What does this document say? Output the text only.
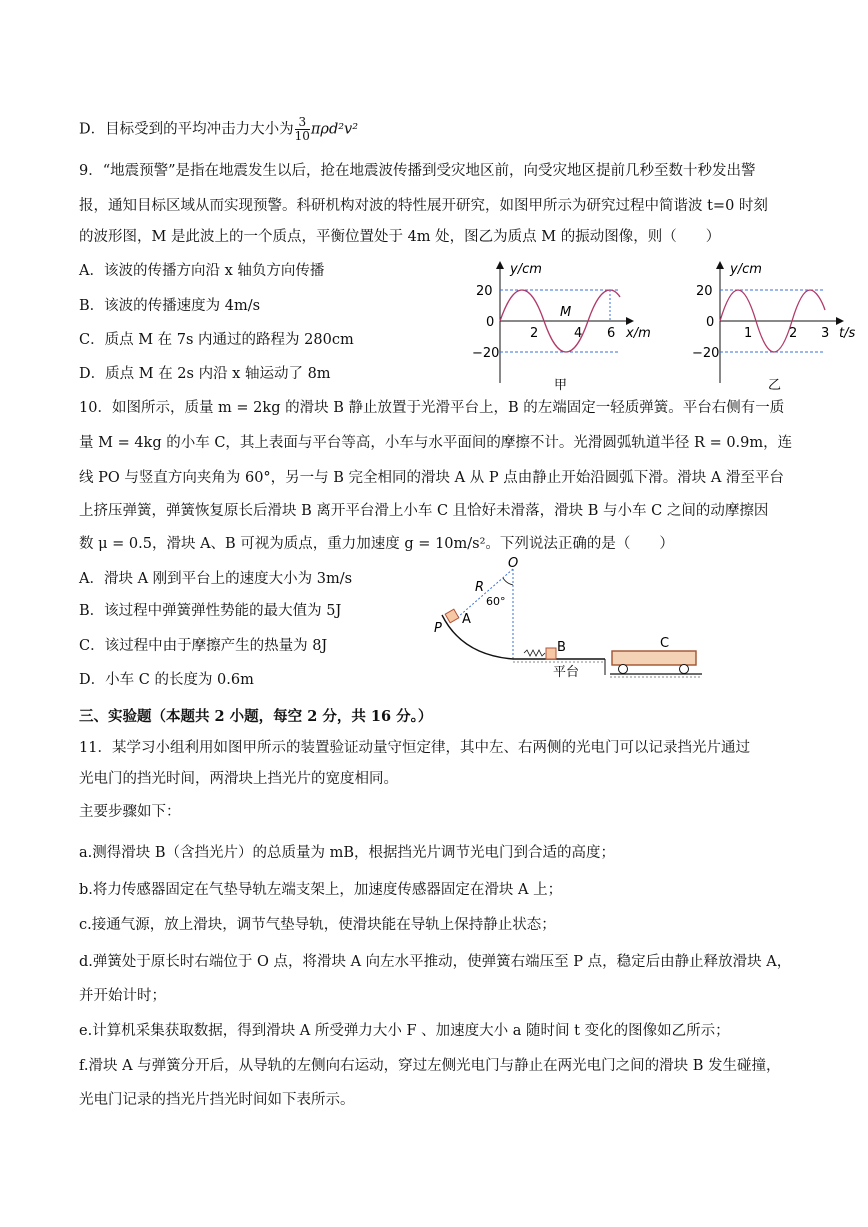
D．目标受到的平均冲击力大小为 $\frac{3}{10} \pi\rho d^2v^2$
9．“地震预警”是指在地震发生以后，抢在地震波传播到受灾地区前，向受灾地区提前几秒至数十秒发出警
报，通知目标区域从而实现预警。科研机构对波的特性展开研究，如图甲所示为研究过程中简谐波 t=0 时刻
的波形图，M 是此波上的一个质点，平衡位置处于 4m 处，图乙为质点 M 的振动图像，则（　　）
A．该波的传播方向沿 x 轴负方向传播
B．该波的传播速度为 4m/s
C．质点 M 在 7s 内通过的路程为 280cm
D．质点 M 在 2s 内沿 x 轴运动了 8m
y/cm
20
0
−20
2	4 6 x/m
M
甲
y/cm
20
0
−20
1	2 3 t/s
乙
10．如图所示，质量 m = 2kg 的滑块 B 静止放置于光滑平台上，B 的左端固定一轻质弹簧。平台右侧有一质
量 M = 4kg 的小车 C，其上表面与平台等高，小车与水平面间的摩擦不计。光滑圆弧轨道半径 R = 0.9m，连
线 PO 与竖直方向夹角为 60°，另一与 B 完全相同的滑块 A 从 P 点由静止开始沿圆弧下滑。滑块 A 滑至平台
上挤压弹簧，弹簧恢复原长后滑块 B 离开平台滑上小车 C 且恰好未滑落，滑块 B 与小车 C 之间的动摩擦因
数 μ = 0.5，滑块 A、B 可视为质点，重力加速度 g = 10m/s²。下列说法正确的是（　　）
A．滑块 A 刚到平台上的速度大小为 3m/s
B．该过程中弹簧弹性势能的最大值为 5J
C．该过程中由于摩擦产生的热量为 8J
D．小车 C 的长度为 0.6m
O
R
60°
P
A
B	C
平台
三、实验题（本题共 2 小题，每空 2 分，共 16 分。）
11．某学习小组利用如图甲所示的装置验证动量守恒定律，其中左、右两侧的光电门可以记录挡光片通过
光电门的挡光时间，两滑块上挡光片的宽度相同。
主要步骤如下：
a.测得滑块 B（含挡光片）的总质量为 mB，根据挡光片调节光电门到合适的高度；
b.将力传感器固定在气垫导轨左端支架上，加速度传感器固定在滑块 A 上；
c.接通气源，放上滑块，调节气垫导轨，使滑块能在导轨上保持静止状态；
d.弹簧处于原长时右端位于 O 点，将滑块 A 向左水平推动，使弹簧右端压至 P 点，稳定后由静止释放滑块 A，
并开始计时；
e.计算机采集获取数据，得到滑块 A 所受弹力大小 F 、加速度大小 a 随时间 t 变化的图像如乙所示；
f.滑块 A 与弹簧分开后，从导轨的左侧向右运动，穿过左侧光电门与静止在两光电门之间的滑块 B 发生碰撞，
光电门记录的挡光片挡光时间如下表所示。
